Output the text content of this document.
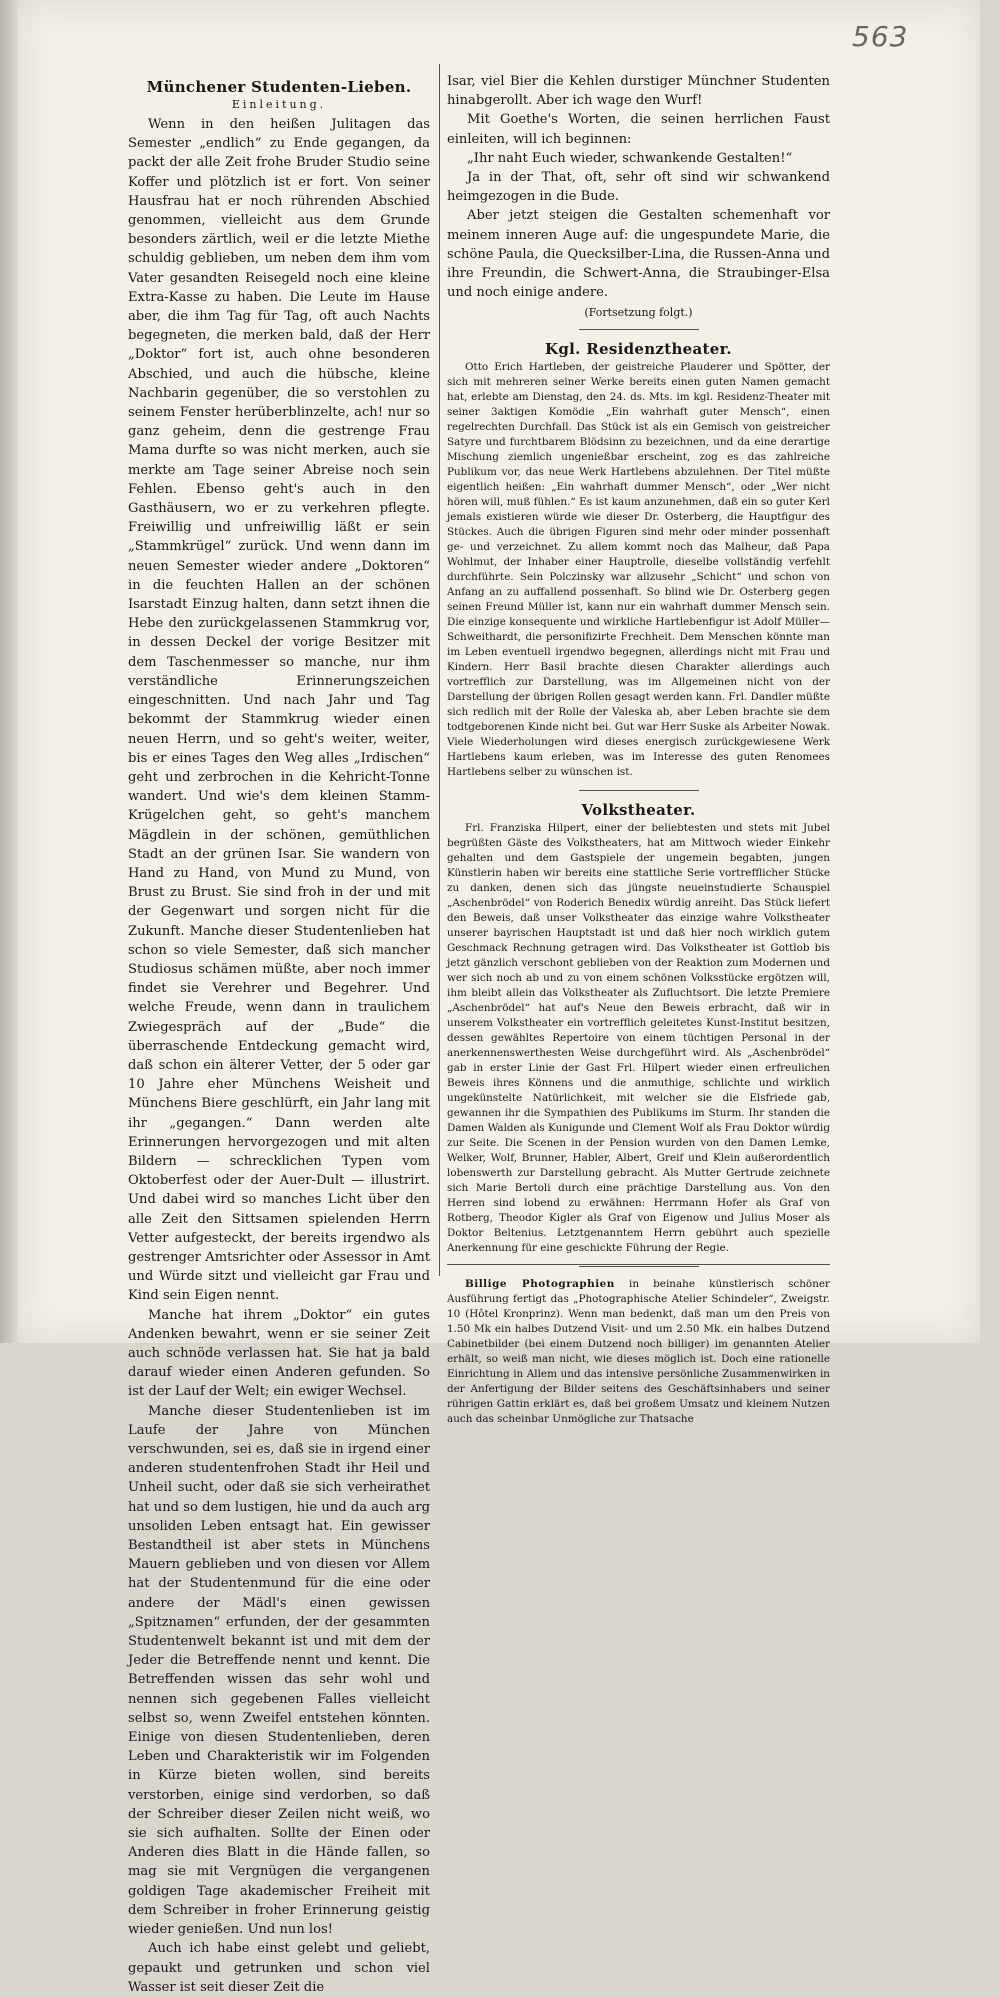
563
Münchener Studenten-Lieben.
Einleitung.

Wenn in den heißen Julitagen das Semester „endlich“ zu Ende gegangen, da packt der alle Zeit frohe Bruder Studio seine Koffer und plötzlich ist er fort. Von seiner Hausfrau hat er noch rührenden Abschied genommen, vielleicht aus dem Grunde besonders zärtlich, weil er die letzte Miethe schuldig geblieben, um neben dem ihm vom Vater gesandten Reisegeld noch eine kleine Extra-Kasse zu haben. Die Leute im Hause aber, die ihm Tag für Tag, oft auch Nachts begegneten, die merken bald, daß der Herr „Doktor“ fort ist, auch ohne besonderen Abschied, und auch die hübsche, kleine Nachbarin gegenüber, die so verstohlen zu seinem Fenster herüberblinzelte, ach! nur so ganz geheim, denn die gestrenge Frau Mama durfte so was nicht merken, auch sie merkte am Tage seiner Abreise noch sein Fehlen. Ebenso geht's auch in den Gasthäusern, wo er zu verkehren pflegte. Freiwillig und unfreiwillig läßt er sein „Stammkrügel“ zurück. Und wenn dann im neuen Semester wieder andere „Doktoren“ in die feuchten Hallen an der schönen Isarstadt Einzug halten, dann setzt ihnen die Hebe den zurückgelassenen Stammkrug vor, in dessen Deckel der vorige Besitzer mit dem Taschenmesser so manche, nur ihm verständliche Erinnerungszeichen eingeschnitten. Und nach Jahr und Tag bekommt der Stammkrug wieder einen neuen Herrn, und so geht's weiter, weiter, bis er eines Tages den Weg alles „Irdischen“ geht und zerbrochen in die Kehricht-Tonne wandert. Und wie's dem kleinen Stamm-Krügelchen geht, so geht's manchem Mägdlein in der schönen, gemüthlichen Stadt an der grünen Isar. Sie wandern von Hand zu Hand, von Mund zu Mund, von Brust zu Brust. Sie sind froh in der und mit der Gegenwart und sorgen nicht für die Zukunft. Manche dieser Studentenlieben hat schon so viele Semester, daß sich mancher Studiosus schämen müßte, aber noch immer findet sie Verehrer und Begehrer. Und welche Freude, wenn dann in traulichem Zwiegespräch auf der „Bude“ die überraschende Entdeckung gemacht wird, daß schon ein älterer Vetter, der 5 oder gar 10 Jahre eher Münchens Weisheit und Münchens Biere geschlürft, ein Jahr lang mit ihr „gegangen.“ Dann werden alte Erinnerungen hervorgezogen und mit alten Bildern — schrecklichen Typen vom Oktoberfest oder der Auer-Dult — illustrirt. Und dabei wird so manches Licht über den alle Zeit den Sittsamen spielenden Herrn Vetter aufgesteckt, der bereits irgendwo als gestrenger Amtsrichter oder Assessor in Amt und Würde sitzt und vielleicht gar Frau und Kind sein Eigen nennt.

Manche hat ihrem „Doktor“ ein gutes Andenken bewahrt, wenn er sie seiner Zeit auch schnöde verlassen hat. Sie hat ja bald darauf wieder einen Anderen gefunden. So ist der Lauf der Welt; ein ewiger Wechsel.

Manche dieser Studentenlieben ist im Laufe der Jahre von München verschwunden, sei es, daß sie in irgend einer anderen studentenfrohen Stadt ihr Heil und Unheil sucht, oder daß sie sich verheirathet hat und so dem lustigen, hie und da auch arg unsoliden Leben entsagt hat. Ein gewisser Bestandtheil ist aber stets in Münchens Mauern geblieben und von diesen vor Allem hat der Studentenmund für die eine oder andere der Mädl's einen gewissen „Spitznamen“ erfunden, der der gesammten Studentenwelt bekannt ist und mit dem der Jeder die Betreffende nennt und kennt. Die Betreffenden wissen das sehr wohl und nennen sich gegebenen Falles vielleicht selbst so, wenn Zweifel entstehen könnten. Einige von diesen Studentenlieben, deren Leben und Charakteristik wir im Folgenden in Kürze bieten wollen, sind bereits verstorben, einige sind verdorben, so daß der Schreiber dieser Zeilen nicht weiß, wo sie sich aufhalten. Sollte der Einen oder Anderen dies Blatt in die Hände fallen, so mag sie mit Vergnügen die vergangenen goldigen Tage akademischer Freiheit mit dem Schreiber in froher Erinnerung geistig wieder genießen. Und nun los!

Auch ich habe einst gelebt und geliebt, gepaukt und getrunken und schon viel Wasser ist seit dieser Zeit die

Isar, viel Bier die Kehlen durstiger Münchner Studenten hinabgerollt. Aber ich wage den Wurf!

Mit Goethe's Worten, die seinen herrlichen Faust einleiten, will ich beginnen:

„Ihr naht Euch wieder, schwankende Gestalten!“

Ja in der That, oft, sehr oft sind wir schwankend heimgezogen in die Bude.

Aber jetzt steigen die Gestalten schemenhaft vor meinem inneren Auge auf: die ungespundete Marie, die schöne Paula, die Quecksilber-Lina, die Russen-Anna und ihre Freundin, die Schwert-Anna, die Straubinger-Elsa und noch einige andere.

(Fortsetzung folgt.)
Kgl. Residenztheater.

Otto Erich Hartleben, der geistreiche Plauderer und Spötter, der sich mit mehreren seiner Werke bereits einen guten Namen gemacht hat, erlebte am Dienstag, den 24. ds. Mts. im kgl. Residenz-Theater mit seiner 3aktigen Komödie „Ein wahrhaft guter Mensch“, einen regelrechten Durchfall. Das Stück ist als ein Gemisch von geistreicher Satyre und furchtbarem Blödsinn zu bezeichnen, und da eine derartige Mischung ziemlich ungenießbar erscheint, zog es das zahlreiche Publikum vor, das neue Werk Hartlebens abzulehnen. Der Titel müßte eigentlich heißen: „Ein wahrhaft dummer Mensch“, oder „Wer nicht hören will, muß fühlen.“ Es ist kaum anzunehmen, daß ein so guter Kerl jemals existieren würde wie dieser Dr. Osterberg, die Hauptfigur des Stückes. Auch die übrigen Figuren sind mehr oder minder possenhaft ge- und verzeichnet. Zu allem kommt noch das Malheur, daß Papa Wohlmut, der Inhaber einer Hauptrolle, dieselbe vollständig verfehlt durchführte. Sein Polczinsky war allzusehr „Schicht“ und schon von Anfang an zu auffallend possenhaft. So blind wie Dr. Osterberg gegen seinen Freund Müller ist, kann nur ein wahrhaft dummer Mensch sein. Die einzige konsequente und wirkliche Hartlebenfigur ist Adolf Müller—Schweithardt, die personifizirte Frechheit. Dem Menschen könnte man im Leben eventuell irgendwo begegnen, allerdings nicht mit Frau und Kindern. Herr Basil brachte diesen Charakter allerdings auch vortrefflich zur Darstellung, was im Allgemeinen nicht von der Darstellung der übrigen Rollen gesagt werden kann. Frl. Dandler müßte sich redlich mit der Rolle der Valeska ab, aber Leben brachte sie dem todtgeborenen Kinde nicht bei. Gut war Herr Suske als Arbeiter Nowak. Viele Wiederholungen wird dieses energisch zurückgewiesene Werk Hartlebens kaum erleben, was im Interesse des guten Renomees Hartlebens selber zu wünschen ist.

Volkstheater.

Frl. Franziska Hilpert, einer der beliebtesten und stets mit Jubel begrüßten Gäste des Volkstheaters, hat am Mittwoch wieder Einkehr gehalten und dem Gastspiele der ungemein begabten, jungen Künstlerin haben wir bereits eine stattliche Serie vortrefflicher Stücke zu danken, denen sich das jüngste neueinstudierte Schauspiel „Aschenbrödel“ von Roderich Benedix würdig anreiht. Das Stück liefert den Beweis, daß unser Volkstheater das einzige wahre Volkstheater unserer bayrischen Hauptstadt ist und daß hier noch wirklich gutem Geschmack Rechnung getragen wird. Das Volkstheater ist Gottlob bis jetzt gänzlich verschont geblieben von der Reaktion zum Modernen und wer sich noch ab und zu von einem schönen Volksstücke ergötzen will, ihm bleibt allein das Volkstheater als Zufluchtsort. Die letzte Premiere „Aschenbrödel“ hat auf's Neue den Beweis erbracht, daß wir in unserem Volkstheater ein vortrefflich geleitetes Kunst-Institut besitzen, dessen gewähltes Repertoire von einem tüchtigen Personal in der anerkennenswerthesten Weise durchgeführt wird. Als „Aschenbrödel“ gab in erster Linie der Gast Frl. Hilpert wieder einen erfreulichen Beweis ihres Könnens und die anmuthige, schlichte und wirklich ungekünstelte Natürlichkeit, mit welcher sie die Elsfriede gab, gewannen ihr die Sympathien des Publikums im Sturm. Ihr standen die Damen Walden als Kunigunde und Clement Wolf als Frau Doktor würdig zur Seite. Die Scenen in der Pension wurden von den Damen Lemke, Welker, Wolf, Brunner, Habler, Albert, Greif und Klein außerordentlich lobenswerth zur Darstellung gebracht. Als Mutter Gertrude zeichnete sich Marie Bertoli durch eine prächtige Darstellung aus. Von den Herren sind lobend zu erwähnen: Herrmann Hofer als Graf von Rotberg, Theodor Kigler als Graf von Eigenow und Julius Moser als Doktor Beltenius. Letztgenanntem Herrn gebührt auch spezielle Anerkennung für eine geschickte Führung der Regie.

Billige Photographien in beinahe künstlerisch schöner Ausführung fertigt das „Photographische Atelier Schindeler“, Zweigstr. 10 (Hôtel Kronprinz). Wenn man bedenkt, daß man um den Preis von 1.50 Mk ein halbes Dutzend Visit- und um 2.50 Mk. ein halbes Dutzend Cabinetbilder (bei einem Dutzend noch billiger) im genannten Atelier erhält, so weiß man nicht, wie dieses möglich ist. Doch eine rationelle Einrichtung in Allem und das intensive persönliche Zusammenwirken in der Anfertigung der Bilder seitens des Geschäftsinhabers und seiner rührigen Gattin erklärt es, daß bei großem Umsatz und kleinem Nutzen auch das scheinbar Unmögliche zur Thatsache
